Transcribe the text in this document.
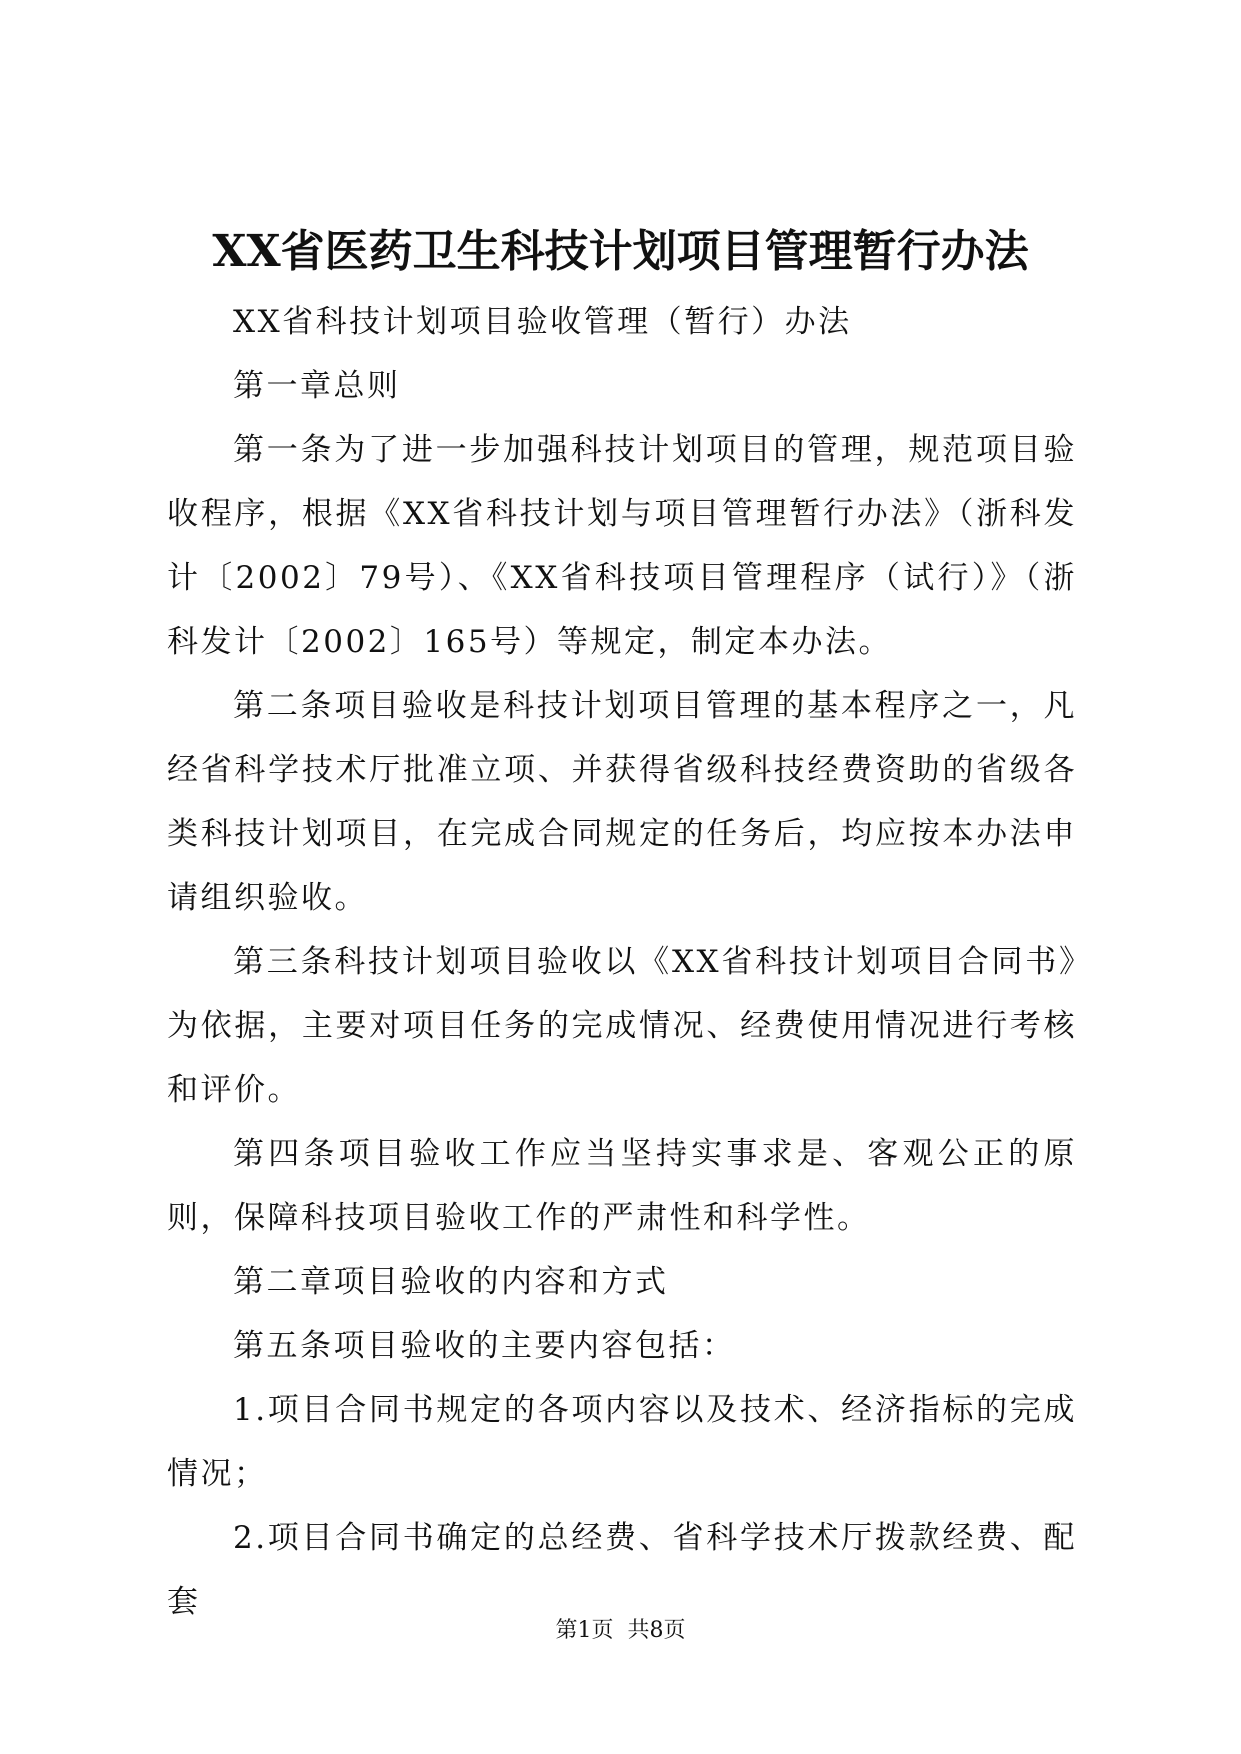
XX省医药卫生科技计划项目管理暂行办法

XX省科技计划项目验收管理（暂行）办法

第一章总则

第一条为了进一步加强科技计划项目的管理，规范项目验收程序，根据《XX省科技计划与项目管理暂行办法》（浙科发计〔2002〕79号）、《XX省科技项目管理程序（试行）》（浙科发计〔2002〕165号）等规定，制定本办法。

第二条项目验收是科技计划项目管理的基本程序之一，凡经省科学技术厅批准立项、并获得省级科技经费资助的省级各类科技计划项目，在完成合同规定的任务后，均应按本办法申请组织验收。

第三条科技计划项目验收以《XX省科技计划项目合同书》为依据，主要对项目任务的完成情况、经费使用情况进行考核和评价。

第四条项目验收工作应当坚持实事求是、客观公正的原则，保障科技项目验收工作的严肃性和科学性。

第二章项目验收的内容和方式

第五条项目验收的主要内容包括：

1.项目合同书规定的各项内容以及技术、经济指标的完成情况；

2.项目合同书确定的总经费、省科学技术厅拨款经费、配套

第1页 共8页
